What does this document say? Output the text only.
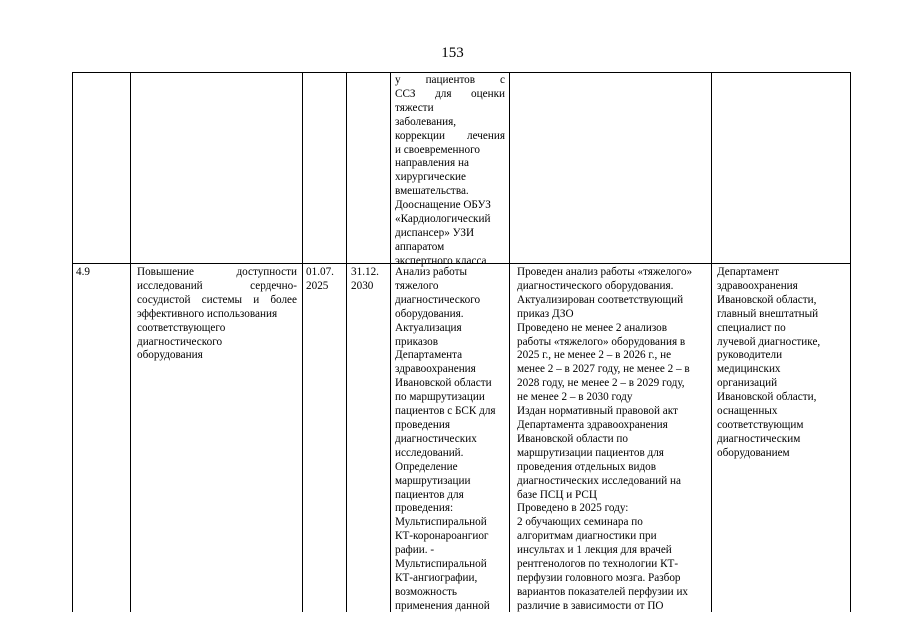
153
у пациентов с
ССЗ для оценки
тяжести
заболевания,
коррекции лечения
и своевременного
направления на
хирургические
вмешательства.
Дооснащение ОБУЗ
«Кардиологический
диспансер» УЗИ
аппаратом
экспертного класса
4.9	Повышение доступности
исследований сердечно-
сосудистой системы и более
эффективного использования
соответствующего
диагностического
оборудования
01.07.
2025
31.12.
2030
Анализ работы
тяжелого
диагностического
оборудования.
Актуализация
приказов
Департамента
здравоохранения
Ивановской области
по маршрутизации
пациентов с БСК для
проведения
диагностических
исследований.
Определение
маршрутизации
пациентов для
проведения:
Мультиспиральной
КТ-коронароангиог
рафии. -
Мультиспиральной
КТ-ангиографии,
возможность
применения данной
Проведен анализ работы «тяжелого»
диагностического оборудования.
Актуализирован соответствующий
приказ ДЗО
Проведено не менее 2 анализов
работы «тяжелого» оборудования в
2025 г., не менее 2 – в 2026 г., не
менее 2 – в 2027 году, не менее 2 – в
2028 году, не менее 2 – в 2029 году,
не менее 2 – в 2030 году
Издан нормативный правовой акт
Департамента здравоохранения
Ивановской области по
маршрутизации пациентов для
проведения отдельных видов
диагностических исследований на
базе ПСЦ и РСЦ
Проведено в 2025 году:
2 обучающих семинара по
алгоритмам диагностики при
инсультах и 1 лекция для врачей
рентгенологов по технологии КТ-
перфузии головного мозга. Разбор
вариантов показателей перфузии их
различие в зависимости от ПО
Департамент
здравоохранения
Ивановской области,
главный внештатный
специалист по
лучевой диагностике,
руководители
медицинских
организаций
Ивановской области,
оснащенных
соответствующим
диагностическим
оборудованием
